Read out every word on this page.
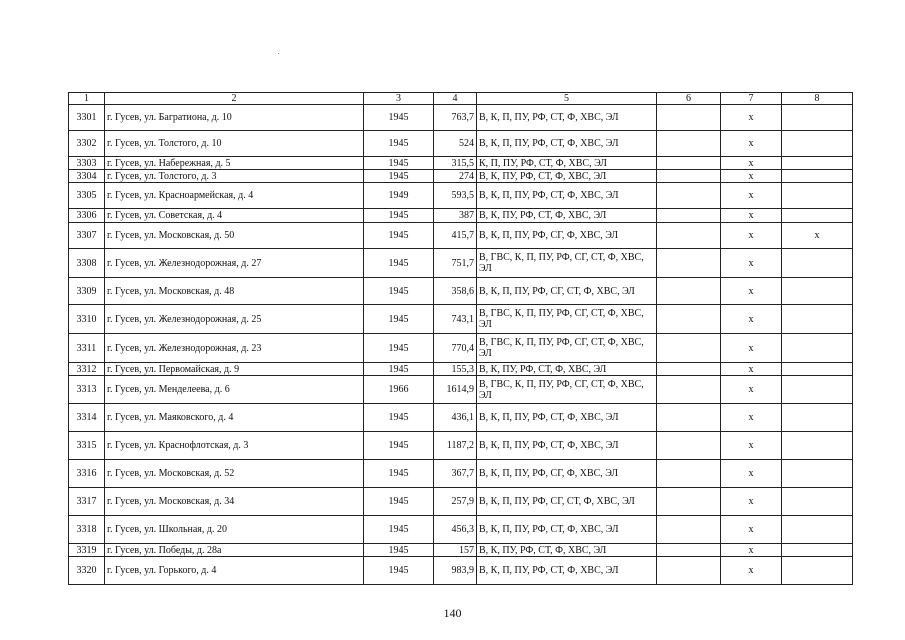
1	2	3	4	5	6	7	8
3301	г. Гусев, ул. Багратиона, д. 10	1945	763,7	В, К, П, ПУ, РФ, СТ, Ф, ХВС, ЭЛ		х	
3302	г. Гусев, ул. Толстого, д. 10	1945	524	В, К, П, ПУ, РФ, СТ, Ф, ХВС, ЭЛ		х	
3303	г. Гусев, ул. Набережная, д. 5	1945	315,5	К, П, ПУ, РФ, СТ, Ф, ХВС, ЭЛ		х	
3304	г. Гусев, ул. Толстого, д. 3	1945	274	В, К, ПУ, РФ, СТ, Ф, ХВС, ЭЛ		х	
3305	г. Гусев, ул. Красноармейская, д. 4	1949	593,5	В, К, П, ПУ, РФ, СТ, Ф, ХВС, ЭЛ		х	
3306	г. Гусев, ул. Советская, д. 4	1945	387	В, К, ПУ, РФ, СТ, Ф, ХВС, ЭЛ		х	
3307	г. Гусев, ул. Московская, д. 50	1945	415,7	В, К, П, ПУ, РФ, СГ, Ф, ХВС, ЭЛ		х	х
3308	г. Гусев, ул. Железнодорожная, д. 27	1945	751,7	В, ГВС, К, П, ПУ, РФ, СГ, СТ, Ф, ХВС, ЭЛ		х	
3309	г. Гусев, ул. Московская, д. 48	1945	358,6	В, К, П, ПУ, РФ, СГ, СТ, Ф, ХВС, ЭЛ		х	
3310	г. Гусев, ул. Железнодорожная, д. 25	1945	743,1	В, ГВС, К, П, ПУ, РФ, СГ, СТ, Ф, ХВС, ЭЛ		х	
3311	г. Гусев, ул. Железнодорожная, д. 23	1945	770,4	В, ГВС, К, П, ПУ, РФ, СГ, СТ, Ф, ХВС, ЭЛ		х	
3312	г. Гусев, ул. Первомайская, д. 9	1945	155,3	В, К, ПУ, РФ, СТ, Ф, ХВС, ЭЛ		х	
3313	г. Гусев, ул. Менделеева, д. 6	1966	1614,9	В, ГВС, К, П, ПУ, РФ, СГ, СТ, Ф, ХВС, ЭЛ		х	
3314	г. Гусев, ул. Маяковского, д. 4	1945	436,1	В, К, П, ПУ, РФ, СТ, Ф, ХВС, ЭЛ		х	
3315	г. Гусев, ул. Краснофлотская, д. 3	1945	1187,2	В, К, П, ПУ, РФ, СТ, Ф, ХВС, ЭЛ		х	
3316	г. Гусев, ул. Московская, д. 52	1945	367,7	В, К, П, ПУ, РФ, СГ, Ф, ХВС, ЭЛ		х	
3317	г. Гусев, ул. Московская, д. 34	1945	257,9	В, К, П, ПУ, РФ, СГ, СТ, Ф, ХВС, ЭЛ		х	
3318	г. Гусев, ул. Школьная, д. 20	1945	456,3	В, К, П, ПУ, РФ, СТ, Ф, ХВС, ЭЛ		х	
3319	г. Гусев, ул. Победы, д. 28а	1945	157	В, К, ПУ, РФ, СТ, Ф, ХВС, ЭЛ		х	
3320	г. Гусев, ул. Горького, д. 4	1945	983,9	В, К, П, ПУ, РФ, СТ, Ф, ХВС, ЭЛ		х	
140
